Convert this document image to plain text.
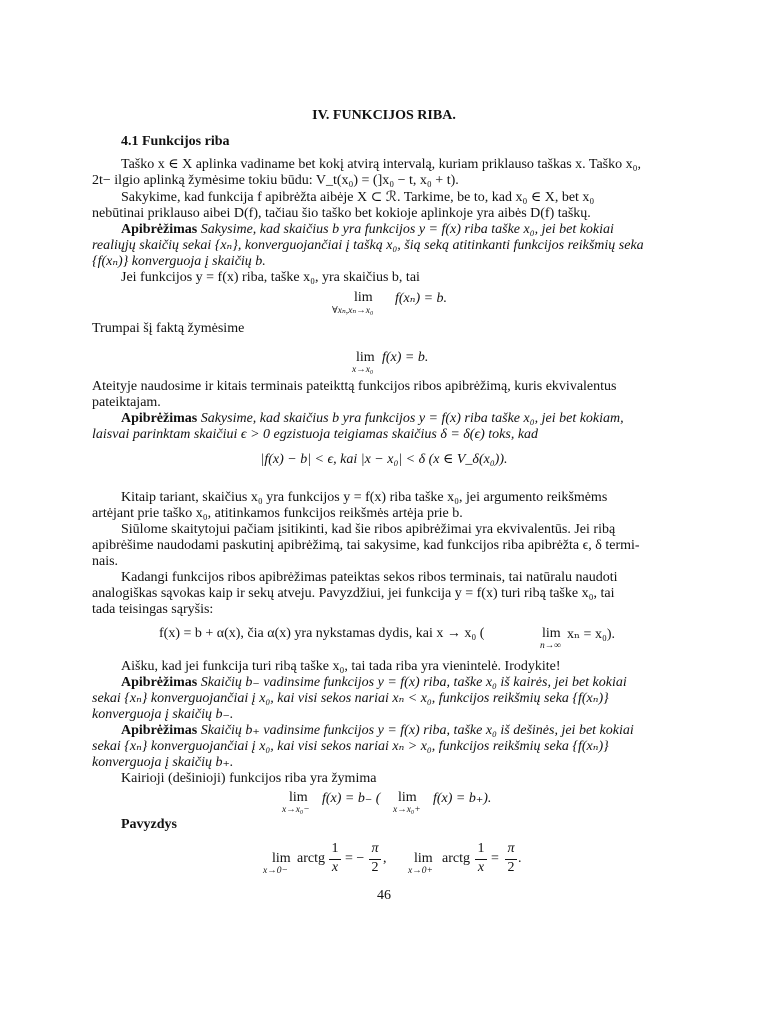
IV. FUNKCIJOS RIBA.
4.1 Funkcijos riba
Taško x ∈ X aplinka vadiname bet kokį atvirą intervalą, kuriam priklauso taškas x. Taško x₀,
2t− ilgio aplinką žymėsime tokiu būdu: V_t(x₀) = (]x₀ − t, x₀ + t).
Sakykime, kad funkcija f apibrėžta aibėje X ⊂ ℛ. Tarkime, be to, kad x₀ ∈ X, bet x₀
nebūtinai priklauso aibei D(f), tačiau šio taško bet kokioje aplinkoje yra aibės D(f) taškų.
Apibrėžimas Sakysime, kad skaičius b yra funkcijos y = f(x) riba taške x₀, jei bet kokiai
realiųjų skaičių sekai {xₙ}, konverguojančiai į tašką x₀, šią seką atitinkanti funkcijos reikšmių seka
{f(xₙ)} konverguoja į skaičių b.
Jei funkcijos y = f(x) riba, taške x₀, yra skaičius b, tai
lim
∀xₙ,xₙ→x₀
f(xₙ) = b.
Trumpai šį faktą žymėsime
lim
x→x₀
f(x) = b.
Ateityje naudosime ir kitais terminais pateikttą funkcijos ribos apibrėžimą, kuris ekvivalentus
pateiktajam.
Apibrėžimas Sakysime, kad skaičius b yra funkcijos y = f(x) riba taške x₀, jei bet kokiam,
laisvai parinktam skaičiui ϵ > 0 egzistuoja teigiamas skaičius δ = δ(ϵ) toks, kad
|f(x) − b| < ϵ, kai |x − x₀| < δ (x ∈ V_δ(x₀)).
Kitaip tariant, skaičius x₀ yra funkcijos y = f(x) riba taške x₀, jei argumento reikšmėms
artėjant prie taško x₀, atitinkamos funkcijos reikšmės artėja prie b.
Siūlome skaitytojui pačiam įsitikinti, kad šie ribos apibrėžimai yra ekvivalentūs. Jei ribą
apibrėšime naudodami paskutinį apibrėžimą, tai sakysime, kad funkcijos riba apibrėžta ϵ, δ termi-
nais.
Kadangi funkcijos ribos apibrėžimas pateiktas sekos ribos terminais, tai natūralu naudoti
analogiškas sąvokas kaip ir sekų atveju. Pavyzdžiui, jei funkcija y = f(x) turi ribą taške x₀, tai
tada teisingas sąryšis:
f(x) = b + α(x), čia α(x) yra nykstamas dydis, kai x → x₀ (	lim
n→∞
xₙ = x₀).
Aišku, kad jei funkcija turi ribą taške x₀, tai tada riba yra vienintelė. Irodykite!
Apibrėžimas Skaičių b₋ vadinsime funkcijos y = f(x) riba, taške x₀ iš kairės, jei bet kokiai
sekai {xₙ} konverguojančiai į x₀, kai visi sekos nariai xₙ < x₀, funkcijos reikšmių seka {f(xₙ)}
konverguoja į skaičių b₋.
Apibrėžimas Skaičių b₊ vadinsime funkcijos y = f(x) riba, taške x₀ iš dešinės, jei bet kokiai
sekai {xₙ} konverguojančiai į x₀, kai visi sekos nariai xₙ > x₀, funkcijos reikšmių seka {f(xₙ)}
konverguoja į skaičių b₊.
Kairioji (dešinioji) funkcijos riba yra žymima
lim
x→x₀−
f(x) = b₋ ( lim
x→x₀+
f(x) = b₊).
Pavyzdys
lim
x→0−
arctg
1
x
= −
π
2
, lim
x→0+
arctg
1
x
=
π
2
.
46
